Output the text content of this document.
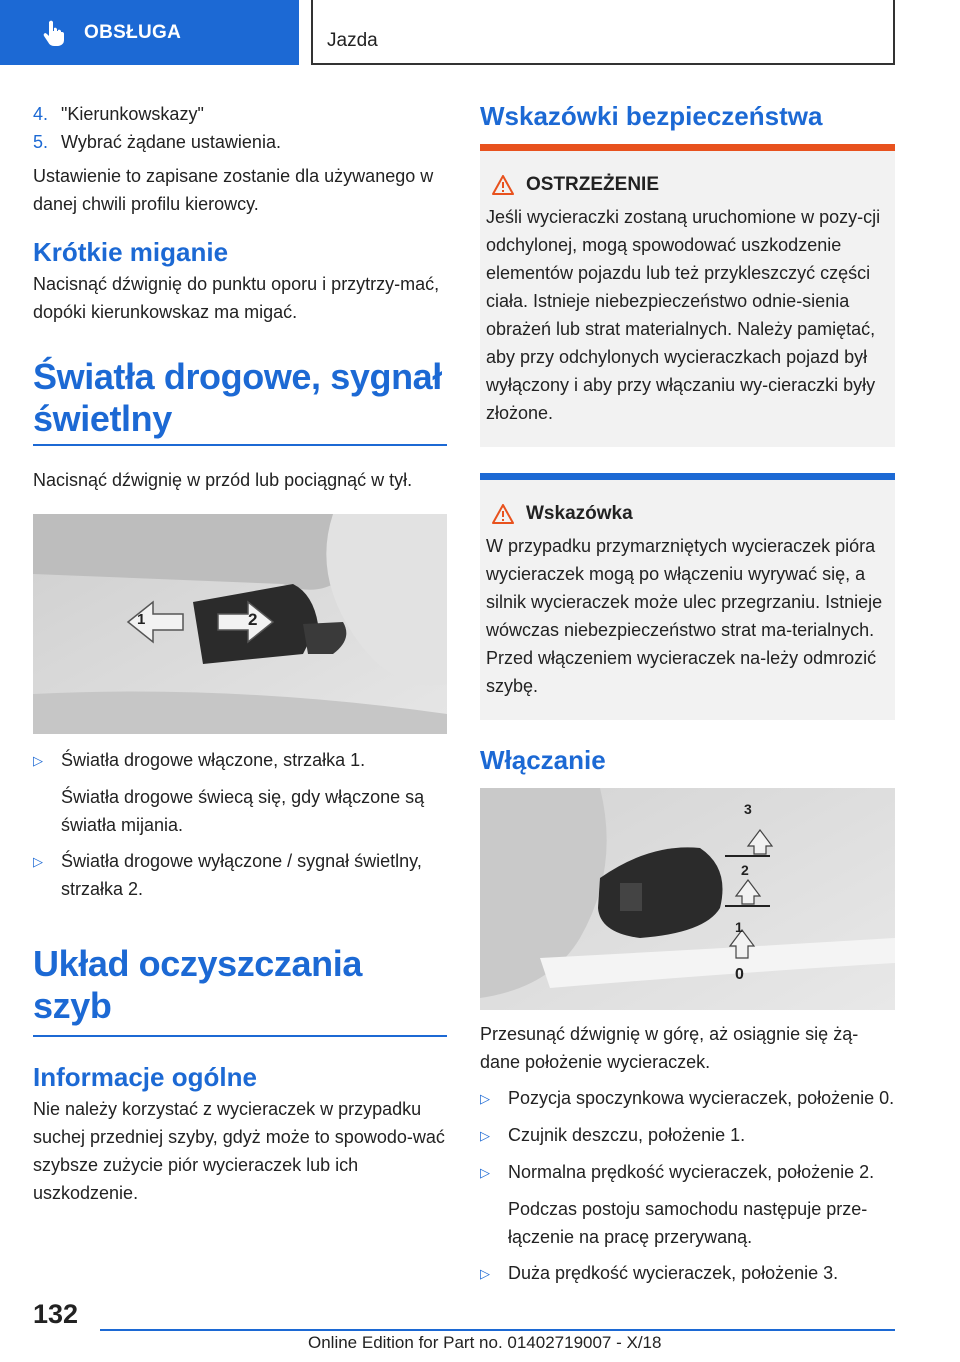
OBSŁUGA	Jazda
4. "Kierunkowskazy"
5. Wybrać żądane ustawienia.

Ustawienie to zapisane zostanie dla używanego w danej chwili profilu kierowcy.

Krótkie miganie

Nacisnąć dźwignię do punktu oporu i przytrzy-mać, dopóki kierunkowskaz ma migać.

Światła drogowe, sygnał świetlny

Nacisnąć dźwignię w przód lub pociągnąć w tył.

1	2
▷	Światła drogowe włączone, strzałka 1.

Światła drogowe świecą się, gdy włączone są światła mijania.

▷	Światła drogowe wyłączone / sygnał świetlny, strzałka 2.
Układ oczyszczania szyb
Informacje ogólne

Nie należy korzystać z wycieraczek w przypadku suchej przedniej szyby, gdyż może to spowodo-wać szybsze zużycie piór wycieraczek lub ich uszkodzenie.

Wskazówki bezpieczeństwa
OSTRZEŻENIE

Jeśli wycieraczki zostaną uruchomione w pozy-cji odchylonej, mogą spowodować uszkodzenie elementów pojazdu lub też przykleszczyć części ciała. Istnieje niebezpieczeństwo odnie-sienia obrażeń lub strat materialnych. Należy pamiętać, aby przy odchylonych wycieraczkach pojazd był wyłączony i aby przy włączaniu wy-cieraczki były złożone.

Wskazówka

W przypadku przymarzniętych wycieraczek pióra wycieraczek mogą po włączeniu wyrywać się, a silnik wycieraczek może ulec przegrzaniu. Istnieje wówczas niebezpieczeństwo strat ma-terialnych. Przed włączeniem wycieraczek na-leży odmrozić szybę.

Włączanie
3
2
1
0

Przesunąć dźwignię w górę, aż osiągnie się żą-dane położenie wycieraczek.

▷	Pozycja spoczynkowa wycieraczek, położenie 0.
▷	Czujnik deszczu, położenie 1.
▷	Normalna prędkość wycieraczek, położenie 2.

Podczas postoju samochodu następuje prze-łączenie na pracę przerywaną.

▷	Duża prędkość wycieraczek, położenie 3.
132
Online Edition for Part no. 01402719007 - X/18
